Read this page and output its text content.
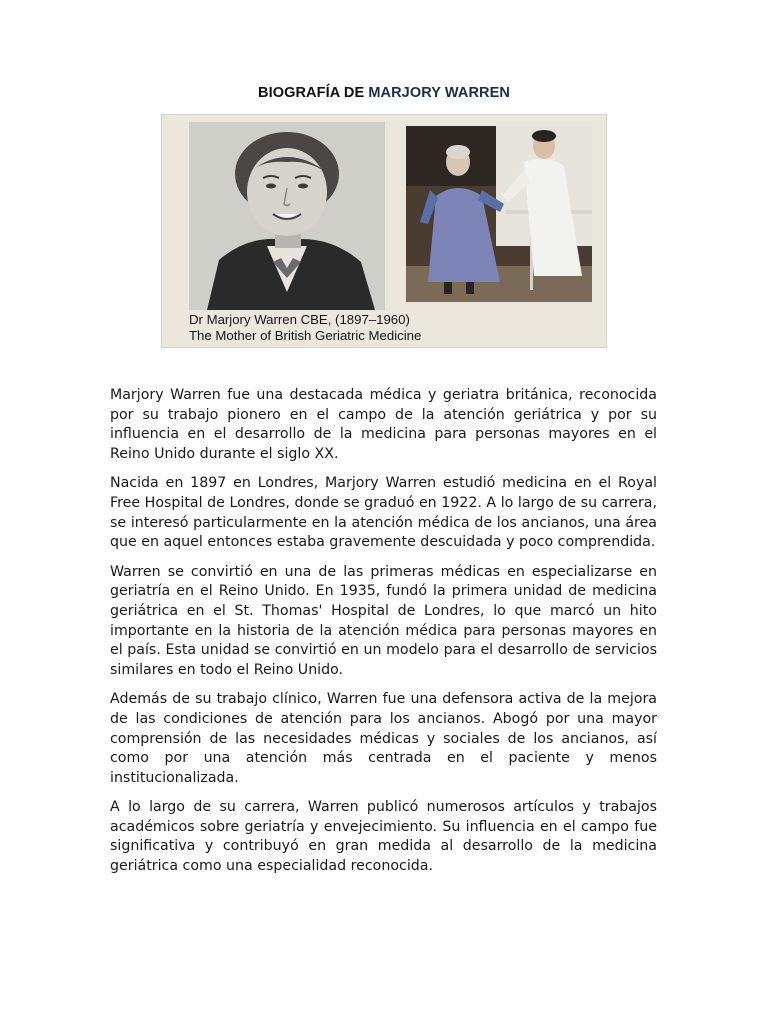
BIOGRAFÍA DE MARJORY WARREN
Dr Marjory Warren CBE, (1897–1960)
The Mother of British Geriatric Medicine

Marjory Warren fue una destacada médica y geriatra británica, reconocida por su trabajo pionero en el campo de la atención geriátrica y por su influencia en el desarrollo de la medicina para personas mayores en el Reino Unido durante el siglo XX.

Nacida en 1897 en Londres, Marjory Warren estudió medicina en el Royal Free Hospital de Londres, donde se graduó en 1922. A lo largo de su carrera, se interesó particularmente en la atención médica de los ancianos, una área que en aquel entonces estaba gravemente descuidada y poco comprendida.

Warren se convirtió en una de las primeras médicas en especializarse en geriatría en el Reino Unido. En 1935, fundó la primera unidad de medicina geriátrica en el St. Thomas' Hospital de Londres, lo que marcó un hito importante en la historia de la atención médica para personas mayores en el país. Esta unidad se convirtió en un modelo para el desarrollo de servicios similares en todo el Reino Unido.

Además de su trabajo clínico, Warren fue una defensora activa de la mejora de las condiciones de atención para los ancianos. Abogó por una mayor comprensión de las necesidades médicas y sociales de los ancianos, así como por una atención más centrada en el paciente y menos institucionalizada.

A lo largo de su carrera, Warren publicó numerosos artículos y trabajos académicos sobre geriatría y envejecimiento. Su influencia en el campo fue significativa y contribuyó en gran medida al desarrollo de la medicina geriátrica como una especialidad reconocida.
